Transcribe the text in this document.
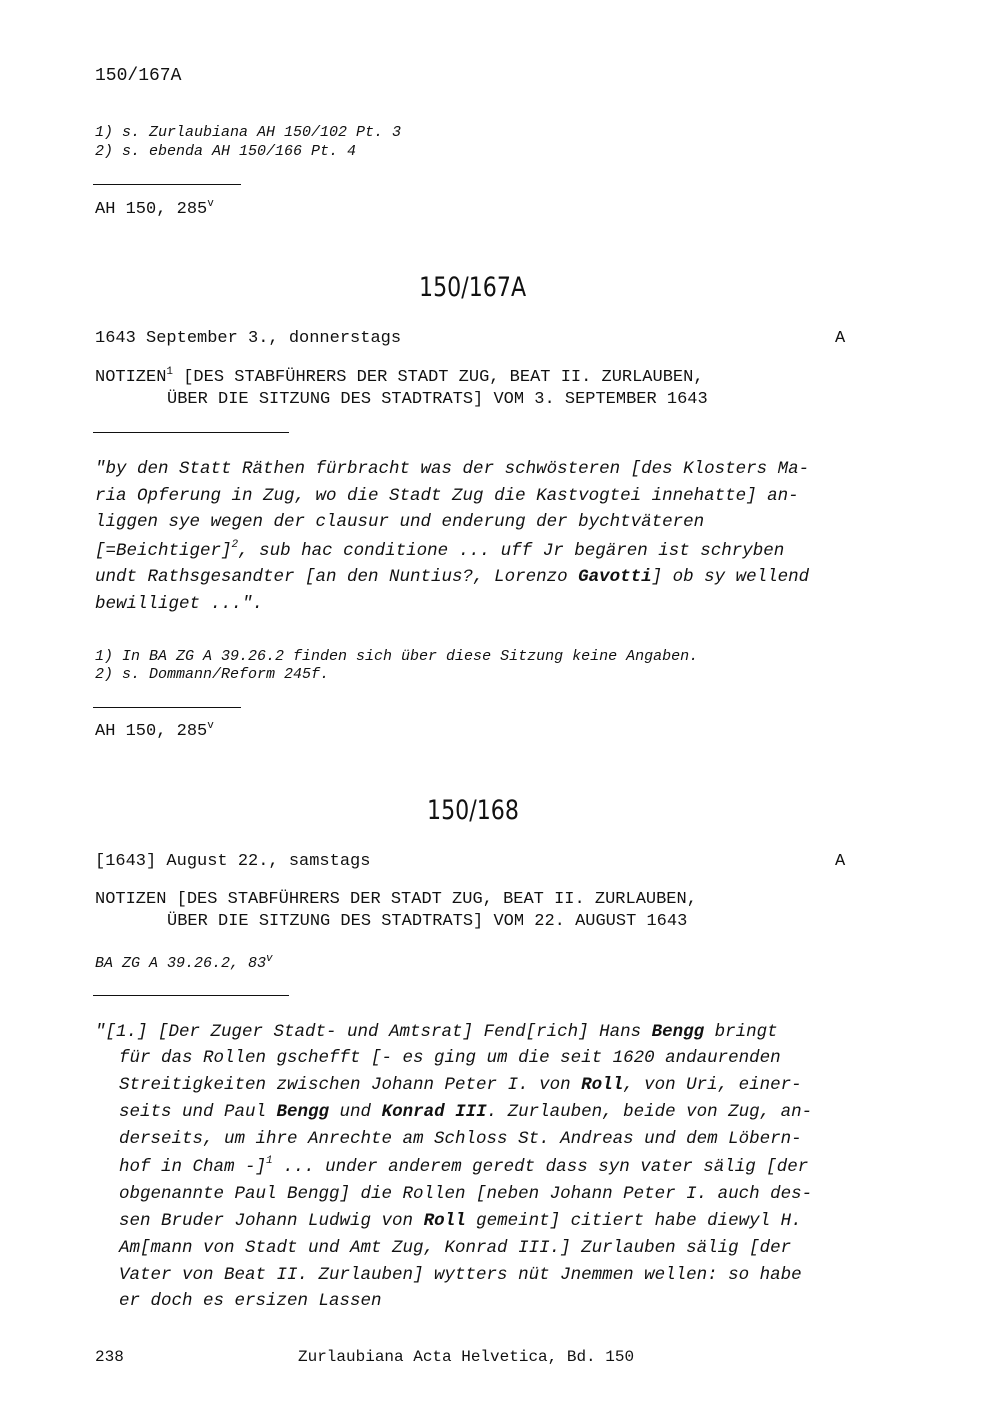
150/167A
1) s. Zurlaubiana AH 150/102 Pt. 3
2) s. ebenda AH 150/166 Pt. 4
AH 150, 285$^v$
150/167A
1643 September 3., donnerstags	A
NOTIZEN$^1$ [DES STABFÜHRERS DER STADT ZUG, BEAT II. ZURLAUBEN,
ÜBER DIE SITZUNG DES STADTRATS] VOM 3. SEPTEMBER 1643
"by den Statt Räthen fürbracht was der schwösteren [des Klosters Ma-
ria Opferung in Zug, wo die Stadt Zug die Kastvogtei innehatte] an-
liggen sye wegen der clausur und enderung der bychtväteren
[=Beichtiger]$^2$, sub hac conditione ... uff Jr begären ist schryben
undt Rathsgesandter [an den Nuntius?, Lorenzo Gavotti] ob sy wellend
bewilliget ...".
1) In BA ZG A 39.26.2 finden sich über diese Sitzung keine Angaben.
2) s. Dommann/Reform 245f.
AH 150, 285$^v$
150/168
[1643] August 22., samstags	A
NOTIZEN [DES STABFÜHRERS DER STADT ZUG, BEAT II. ZURLAUBEN,
ÜBER DIE SITZUNG DES STADTRATS] VOM 22. AUGUST 1643
BA ZG A 39.26.2, 83$^v$
"[1.] [Der Zuger Stadt- und Amtsrat] Fend[rich] Hans Bengg bringt
für das Rollen gschefft [- es ging um die seit 1620 andaurenden
Streitigkeiten zwischen Johann Peter I. von Roll, von Uri, einer-
seits und Paul Bengg und Konrad III. Zurlauben, beide von Zug, an-
derseits, um ihre Anrechte am Schloss St. Andreas und dem Löbern-
hof in Cham -]$^1$ ... under anderem geredt dass syn vater sälig [der
obgenannte Paul Bengg] die Rollen [neben Johann Peter I. auch des-
sen Bruder Johann Ludwig von Roll gemeint] citiert habe diewyl H.
Am[mann von Stadt und Amt Zug, Konrad III.] Zurlauben sälig [der
Vater von Beat II. Zurlauben] wytters nüt Jnemmen wellen: so habe
er doch es ersizen Lassen
238	Zurlaubiana Acta Helvetica, Bd. 150
